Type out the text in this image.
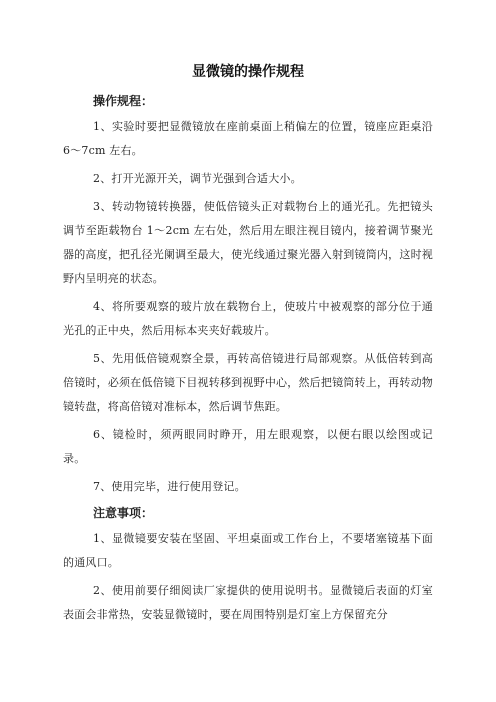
显微镜的操作规程
操作规程：

1、实验时要把显微镜放在座前桌面上稍偏左的位置，镜座应距桌沿 6～7cm 左右。

2、打开光源开关，调节光强到合适大小。

3、转动物镜转换器，使低倍镜头正对载物台上的通光孔。先把镜头调节至距载物台 1～2cm 左右处，然后用左眼注视目镜内，接着调节聚光器的高度，把孔径光阑调至最大，使光线通过聚光器入射到镜筒内，这时视野内呈明亮的状态。

4、将所要观察的玻片放在载物台上，使玻片中被观察的部分位于通光孔的正中央，然后用标本夹夹好载玻片。

5、先用低倍镜观察全景，再转高倍镜进行局部观察。从低倍转到高倍镜时，必须在低倍镜下目视转移到视野中心，然后把镜筒转上，再转动物镜转盘，将高倍镜对准标本，然后调节焦距。

6、镜检时，须两眼同时睁开，用左眼观察，以便右眼以绘图或记录。

7、使用完毕，进行使用登记。

注意事项：

1、显微镜要安装在坚固、平坦桌面或工作台上，不要堵塞镜基下面的通风口。

2、使用前要仔细阅读厂家提供的使用说明书。显微镜后表面的灯室表面会非常热，安装显微镜时，要在周围特别是灯室上方保留充分
